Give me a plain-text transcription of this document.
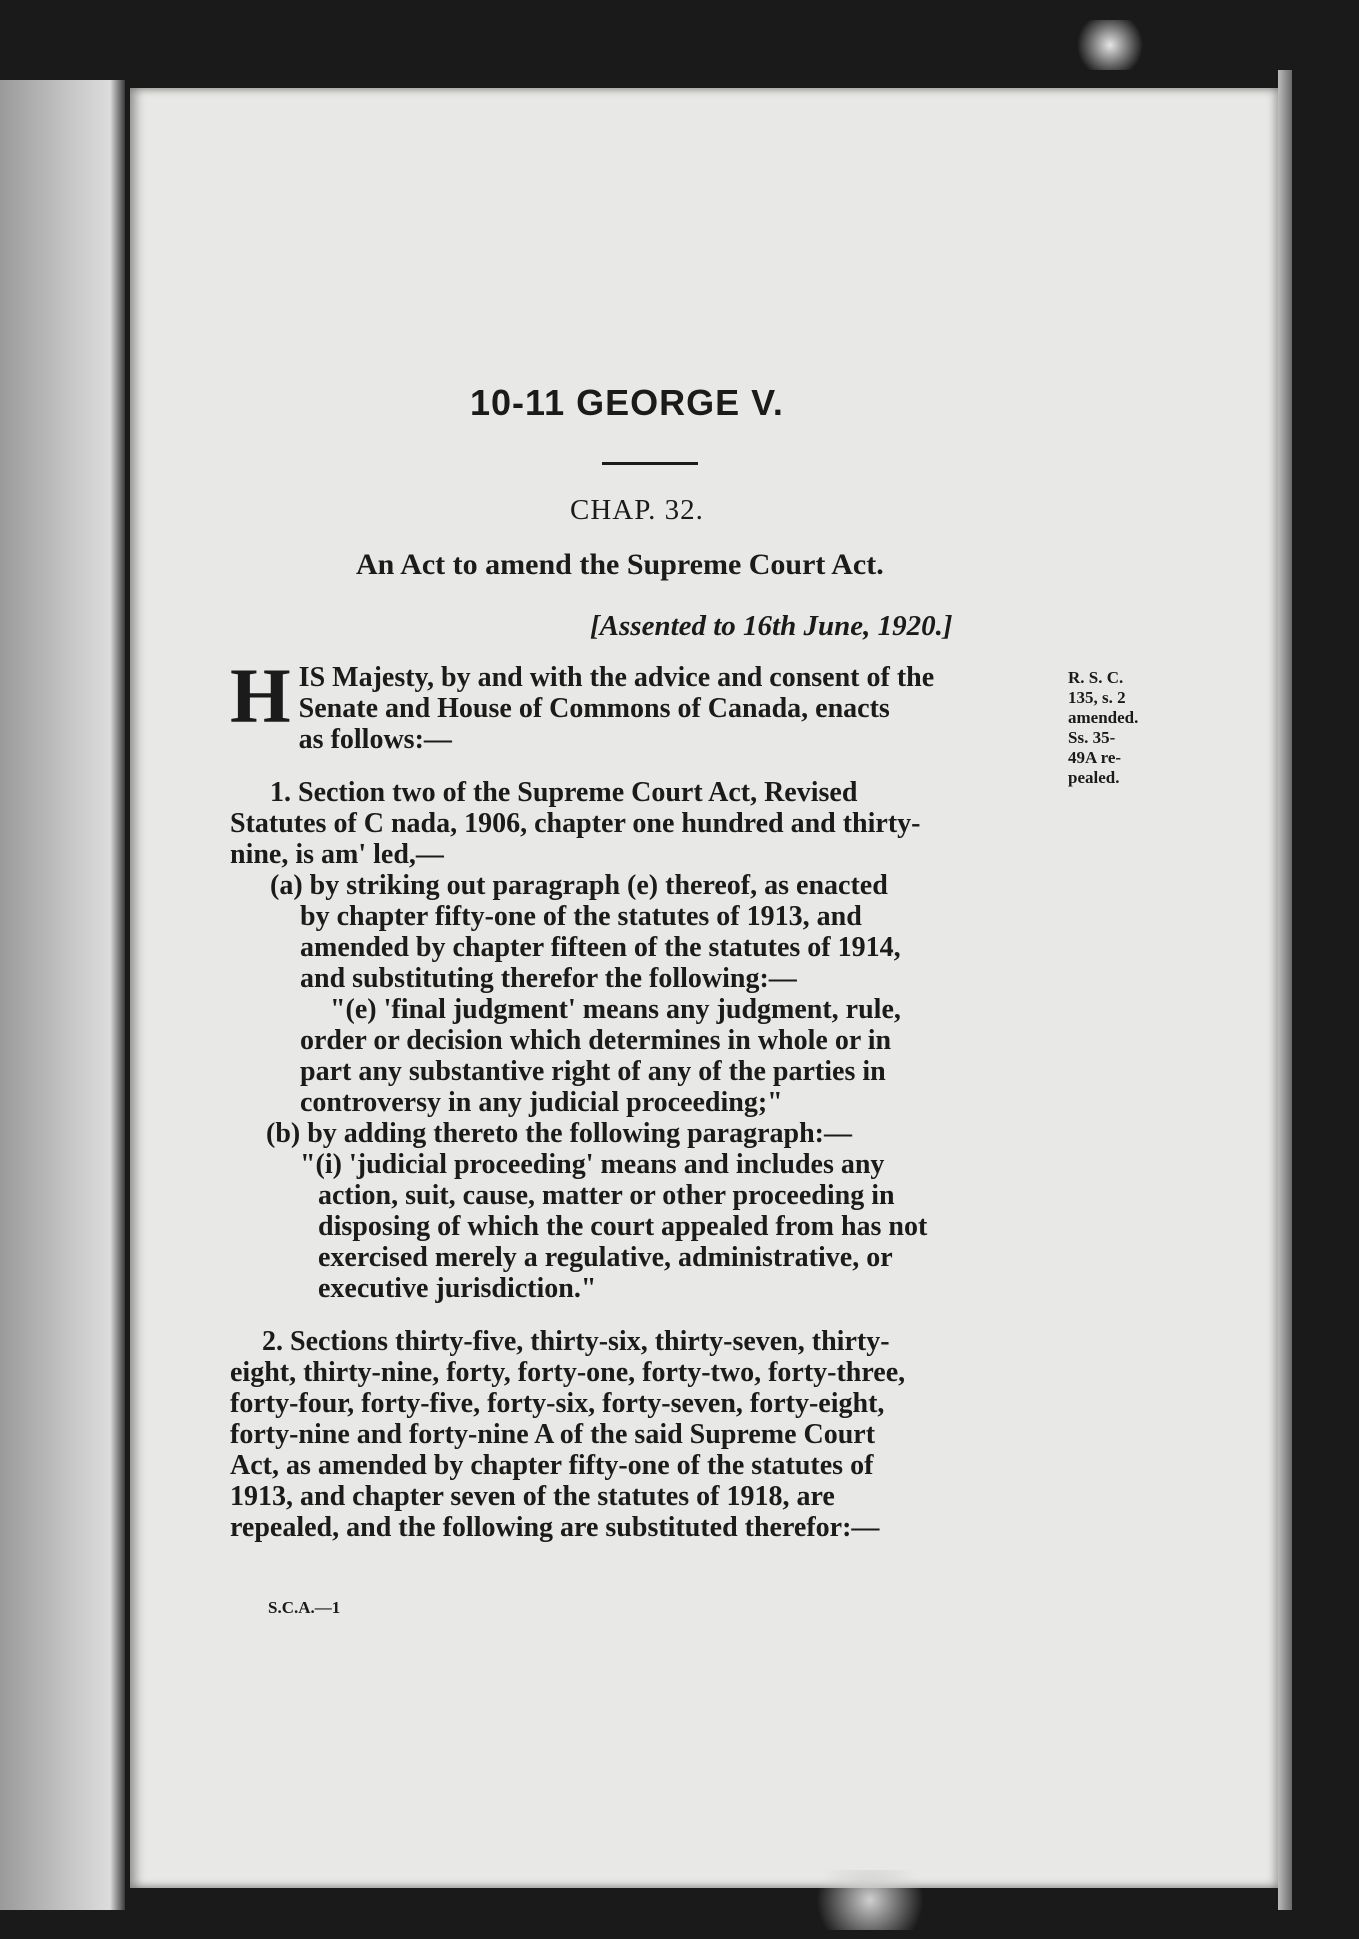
10-11 GEORGE V.
CHAP. 32.
An Act to amend the Supreme Court Act.
[Assented to 16th June, 1920.]
R. S. C.
135, s. 2
amended.
Ss. 35-
49A re-
pealed.
H IS Majesty, by and with the advice and consent of the
Senate and House of Commons of Canada, enacts
as follows:—
1. Section two of the Supreme Court Act, Revised
Statutes of C nada, 1906, chapter one hundred and thirty-
nine, is am' led,—
(a) by striking out paragraph (e) thereof, as enacted
by chapter fifty-one of the statutes of 1913, and
amended by chapter fifteen of the statutes of 1914,
and substituting therefor the following:—
"(e) 'final judgment' means any judgment, rule,
order or decision which determines in whole or in
part any substantive right of any of the parties in
controversy in any judicial proceeding;"
(b) by adding thereto the following paragraph:—
"(i) 'judicial proceeding' means and includes any
action, suit, cause, matter or other proceeding in
disposing of which the court appealed from has not
exercised merely a regulative, administrative, or
executive jurisdiction."
2. Sections thirty-five, thirty-six, thirty-seven, thirty-
eight, thirty-nine, forty, forty-one, forty-two, forty-three,
forty-four, forty-five, forty-six, forty-seven, forty-eight,
forty-nine and forty-nine A of the said Supreme Court
Act, as amended by chapter fifty-one of the statutes of
1913, and chapter seven of the statutes of 1918, are
repealed, and the following are substituted therefor:—
S.C.A.—1
